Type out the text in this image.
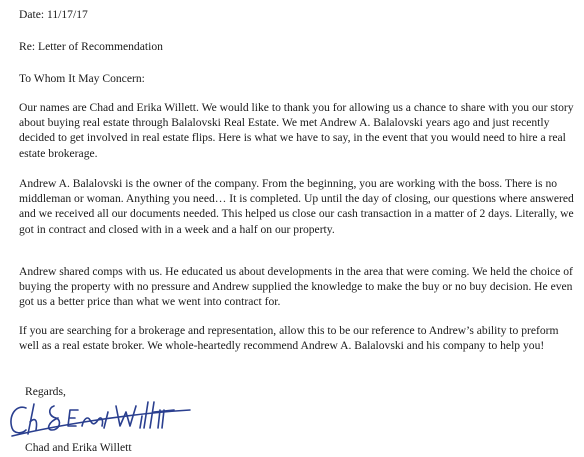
Date: 11/17/17

Re: Letter of Recommendation

To Whom It May Concern:

Our names are Chad and Erika Willett. We would like to thank you for allowing us a chance to share with you our story about buying real estate through Balalovski Real Estate. We met Andrew A. Balalovski years ago and just recently decided to get involved in real estate flips. Here is what we have to say, in the event that you would need to hire a real estate brokerage.

Andrew A. Balalovski is the owner of the company. From the beginning, you are working with the boss. There is no middleman or woman. Anything you need… It is completed. Up until the day of closing, our questions where answered and we received all our documents needed. This helped us close our cash transaction in a matter of 2 days. Literally, we got in contract and closed with in a week and a half on our property.

Andrew shared comps with us. He educated us about developments in the area that were coming. We held the choice of buying the property with no pressure and Andrew supplied the knowledge to make the buy or no buy decision. He even got us a better price than what we went into contract for.

If you are searching for a brokerage and representation, allow this to be our reference to Andrew’s ability to preform well as a real estate broker. We whole-heartedly recommend Andrew A. Balalovski and his company to help you!

Regards,

Chad and Erika Willett
